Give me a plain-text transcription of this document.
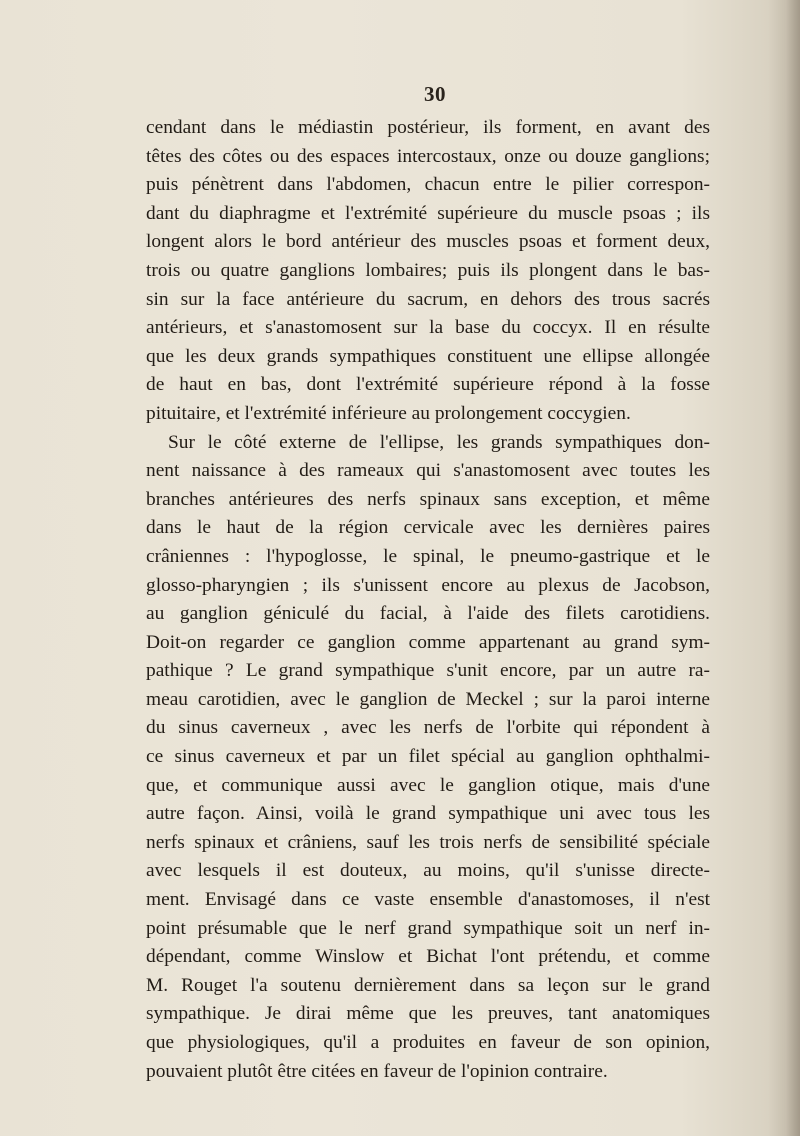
30
cendant dans le médiastin postérieur, ils forment, en avant des
têtes des côtes ou des espaces intercostaux, onze ou douze ganglions;
puis pénètrent dans l'abdomen, chacun entre le pilier correspon-
dant du diaphragme et l'extrémité supérieure du muscle psoas ; ils
longent alors le bord antérieur des muscles psoas et forment deux,
trois ou quatre ganglions lombaires; puis ils plongent dans le bas-
sin sur la face antérieure du sacrum, en dehors des trous sacrés
antérieurs, et s'anastomosent sur la base du coccyx. Il en résulte
que les deux grands sympathiques constituent une ellipse allongée
de haut en bas, dont l'extrémité supérieure répond à la fosse
pituitaire, et l'extrémité inférieure au prolongement coccygien.
Sur le côté externe de l'ellipse, les grands sympathiques don-
nent naissance à des rameaux qui s'anastomosent avec toutes les
branches antérieures des nerfs spinaux sans exception, et même
dans le haut de la région cervicale avec les dernières paires
crâniennes : l'hypoglosse, le spinal, le pneumo-gastrique et le
glosso-pharyngien ; ils s'unissent encore au plexus de Jacobson,
au ganglion géniculé du facial, à l'aide des filets carotidiens.
Doit-on regarder ce ganglion comme appartenant au grand sym-
pathique ? Le grand sympathique s'unit encore, par un autre ra-
meau carotidien, avec le ganglion de Meckel ; sur la paroi interne
du sinus caverneux , avec les nerfs de l'orbite qui répondent à
ce sinus caverneux et par un filet spécial au ganglion ophthalmi-
que, et communique aussi avec le ganglion otique, mais d'une
autre façon. Ainsi, voilà le grand sympathique uni avec tous les
nerfs spinaux et crâniens, sauf les trois nerfs de sensibilité spéciale
avec lesquels il est douteux, au moins, qu'il s'unisse directe-
ment. Envisagé dans ce vaste ensemble d'anastomoses, il n'est
point présumable que le nerf grand sympathique soit un nerf in-
dépendant, comme Winslow et Bichat l'ont prétendu, et comme
M. Rouget l'a soutenu dernièrement dans sa leçon sur le grand
sympathique. Je dirai même que les preuves, tant anatomiques
que physiologiques, qu'il a produites en faveur de son opinion,
pouvaient plutôt être citées en faveur de l'opinion contraire.
